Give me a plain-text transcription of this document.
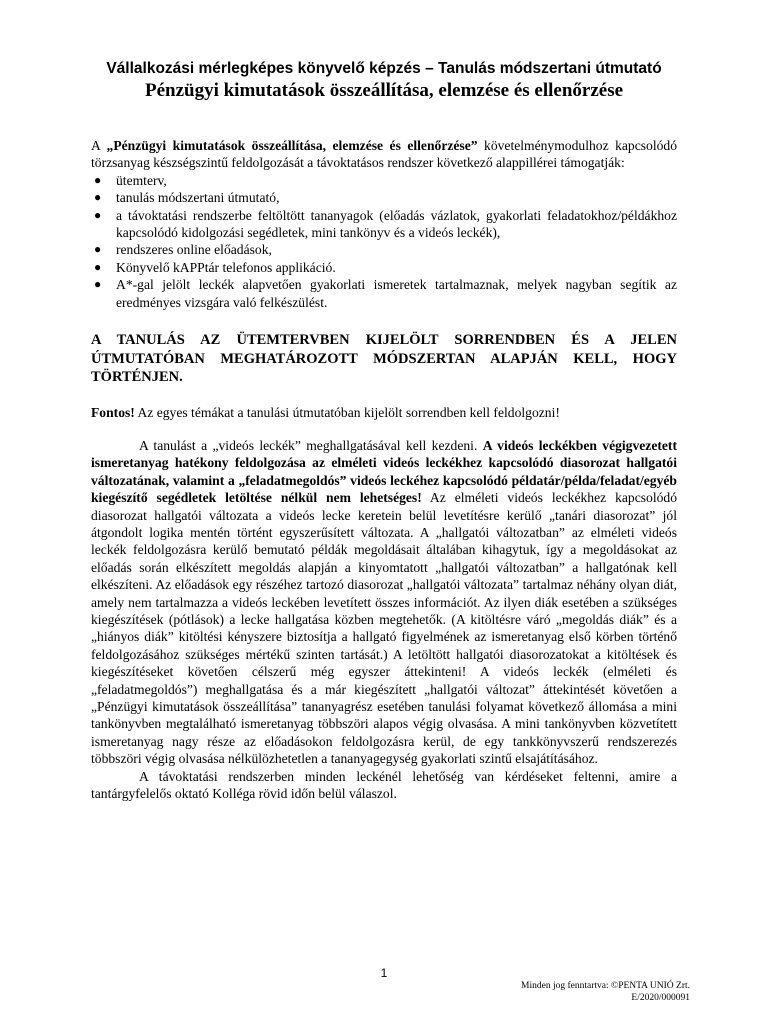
Vállalkozási mérlegképes könyvelő képzés – Tanulás módszertani útmutató
Pénzügyi kimutatások összeállítása, elemzése és ellenőrzése

A „Pénzügyi kimutatások összeállítása, elemzése és ellenőrzése” követelménymodulhoz kapcsolódó törzsanyag készségszintű feldolgozását a távoktatásos rendszer következő alappillérei támogatják:

● ütemterv,
● tanulás módszertani útmutató,
● a távoktatási rendszerbe feltöltött tananyagok (előadás vázlatok, gyakorlati feladatokhoz/példákhoz kapcsolódó kidolgozási segédletek, mini tankönyv és a videós leckék),
● rendszeres online előadások,
● Könyvelő kAPPtár telefonos applikáció.
● A*-gal jelölt leckék alapvetően gyakorlati ismeretek tartalmaznak, melyek nagyban segítik az eredményes vizsgára való felkészülést.

A TANULÁS AZ ÜTEMTERVBEN KIJELÖLT SORRENDBEN ÉS A JELEN ÚTMUTATÓBAN MEGHATÁROZOTT MÓDSZERTAN ALAPJÁN KELL, HOGY TÖRTÉNJEN.

Fontos! Az egyes témákat a tanulási útmutatóban kijelölt sorrendben kell feldolgozni!

A tanulást a „videós leckék” meghallgatásával kell kezdeni. A videós leckékben végigvezetett ismeretanyag hatékony feldolgozása az elméleti videós leckékhez kapcsolódó diasorozat hallgatói változatának, valamint a „feladatmegoldós” videós leckéhez kapcsolódó példatár/példa/feladat/egyéb kiegészítő segédletek letöltése nélkül nem lehetséges! Az elméleti videós leckékhez kapcsolódó diasorozat hallgatói változata a videós lecke keretein belül levetítésre kerülő „tanári diasorozat” jól átgondolt logika mentén történt egyszerűsített változata. A „hallgatói változatban” az elméleti videós leckék feldolgozásra kerülő bemutató példák megoldásait általában kihagytuk, így a megoldásokat az előadás során elkészített megoldás alapján a kinyomtatott „hallgatói változatban” a hallgatónak kell elkészíteni. Az előadások egy részéhez tartozó diasorozat „hallgatói változata” tartalmaz néhány olyan diát, amely nem tartalmazza a videós leckében levetített összes információt. Az ilyen diák esetében a szükséges kiegészítések (pótlások) a lecke hallgatása közben megtehetők. (A kitöltésre váró „megoldás diák” és a „hiányos diák” kitöltési kényszere biztosítja a hallgató figyelmének az ismeretanyag első körben történő feldolgozásához szükséges mértékű szinten tartását.) A letöltött hallgatói diasorozatokat a kitöltések és kiegészítéseket követően célszerű még egyszer áttekinteni! A videós leckék (elméleti és „feladatmegoldós”) meghallgatása és a már kiegészített „hallgatói változat” áttekintését követően a „Pénzügyi kimutatások összeállítása” tananyagrész esetében tanulási folyamat következő állomása a mini tankönyvben megtalálható ismeretanyag többszöri alapos végig olvasása. A mini tankönyvben közvetített ismeretanyag nagy része az előadásokon feldolgozásra kerül, de egy tankkönyvszerű rendszerezés többszöri végig olvasása nélkülözhetetlen a tananyagegység gyakorlati szintű elsajátításához.

A távoktatási rendszerben minden leckénél lehetőség van kérdéseket feltenni, amire a tantárgyfelelős oktató Kolléga rövid időn belül válaszol.

1
Minden jog fenntartva: ©PENTA UNIÓ Zrt.
E/2020/000091
